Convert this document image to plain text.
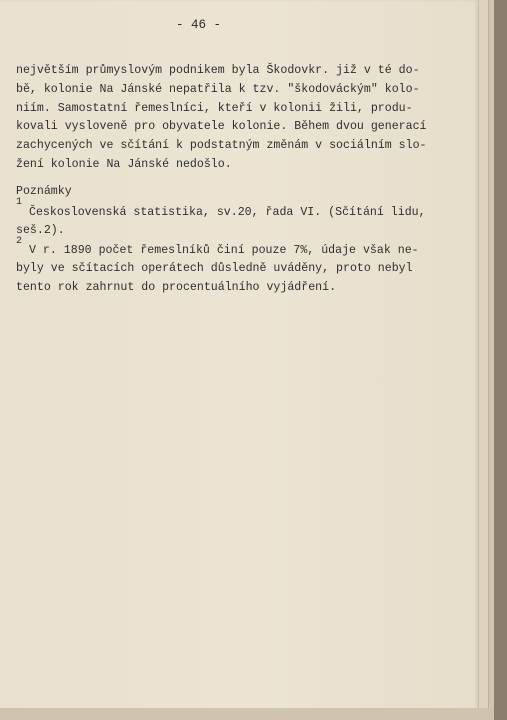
- 46 -
největším průmyslovým podnikem byla Škodovkr. již v té do-
bě, kolonie Na Jánské nepatřila k tzv. "škodováckým" kolo-
niím. Samostatní řemeslníci, kteří v kolonii žili, produ-
kovali vysloveně pro obyvatele kolonie. Během dvou generací
zachycených ve sčítání k podstatným změnám v sociálním slo-
žení kolonie Na Jánské nedošlo.
Poznámky
1
Československá statistika, sv.20, řada VI. (Sčítání lidu,
seš.2).
2
V r. 1890 počet řemeslníků činí pouze 7%, údaje však ne-
byly ve sčítacích operátech důsledně uváděny, proto nebyl
tento rok zahrnut do procentuálního vyjádření.
